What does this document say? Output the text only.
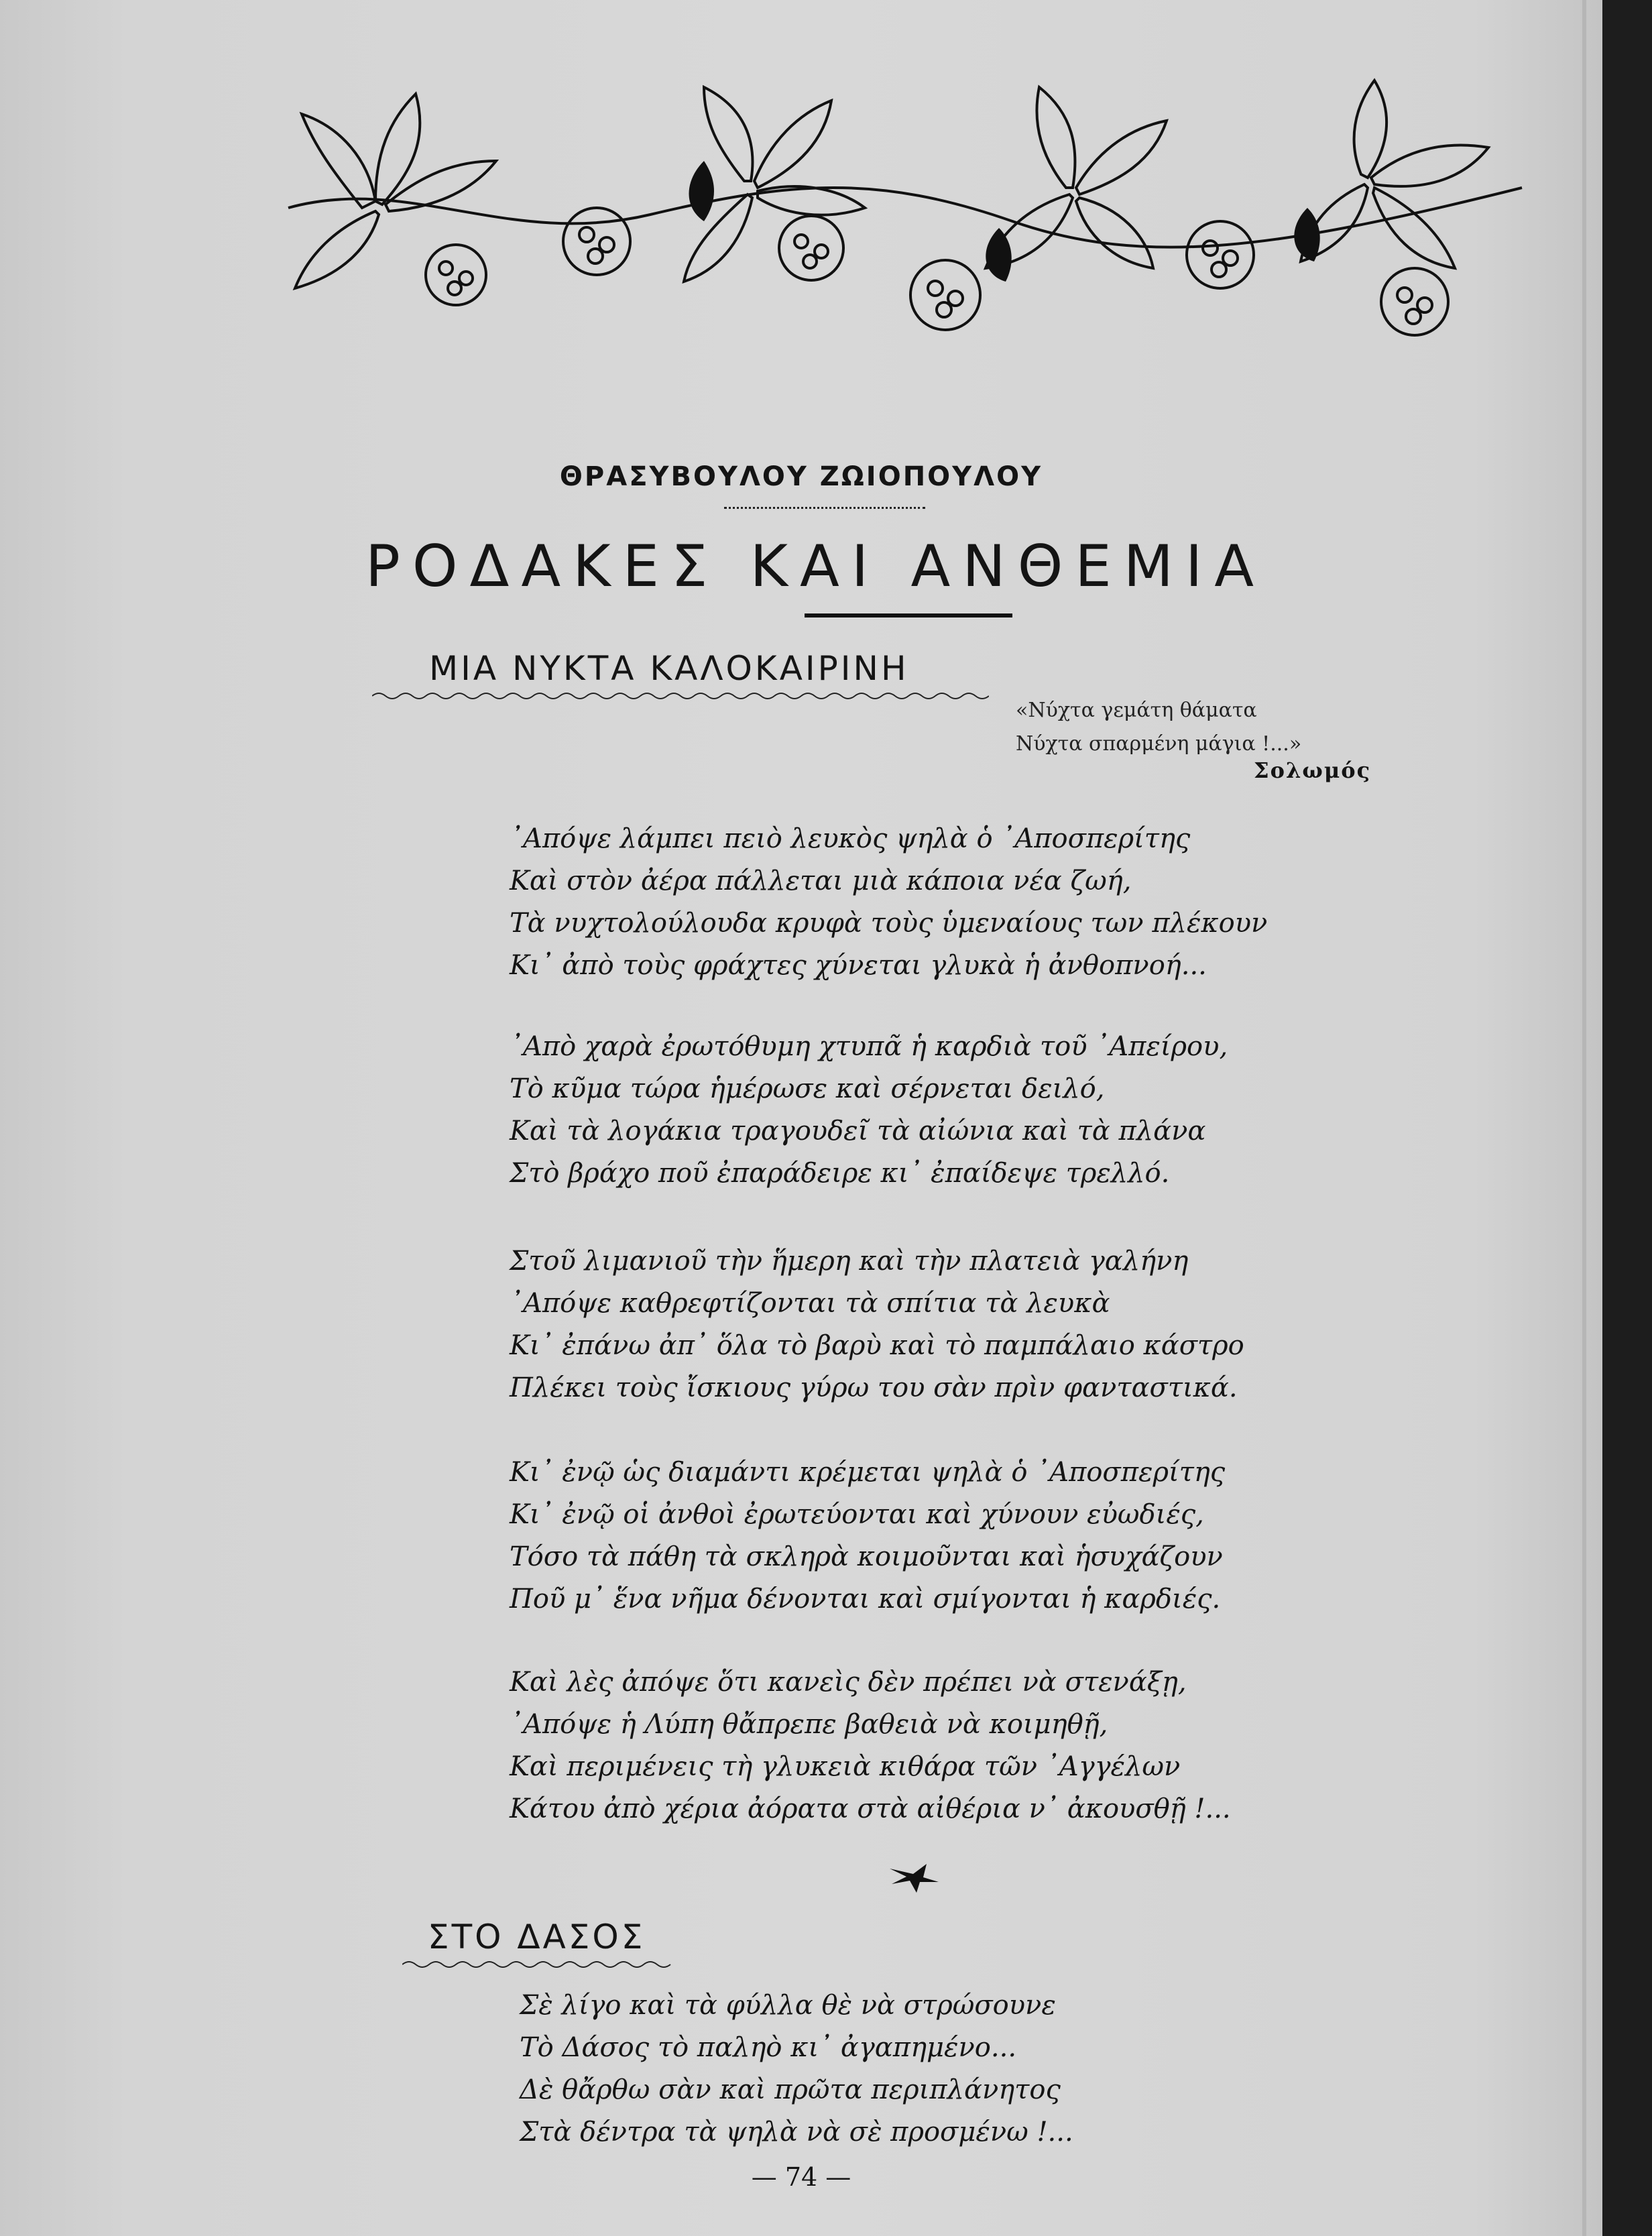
ΘΡΑΣΥΒΟΥΛΟΥ ΖΩΙΟΠΟΥΛΟΥ
ΡΟΔΑΚΕΣ ΚΑΙ ΑΝΘΕΜΙΑ
ΜΙΑ ΝΥΚΤΑ ΚΑΛΟΚΑΙΡΙΝΗ
«Νύχτα γεμάτη θάματα
Νύχτα σπαρμένη μάγια !...»
Σολωμός
᾽Απόψε λάμπει πειὸ λευκὸς ψηλὰ ὁ ᾽Αποσπερίτης
Καὶ στὸν ἀέρα πάλλεται μιὰ κάποια νέα ζωή,
Τὰ νυχτολούλουδα κρυφὰ τοὺς ὑμεναίους των πλέκουν
Κι᾽ ἀπὸ τοὺς φράχτες χύνεται γλυκὰ ἡ ἀνθοπνοή...
᾽Απὸ χαρὰ ἐρωτόθυμη χτυπᾶ ἡ καρδιὰ τοῦ ᾽Απείρου,
Τὸ κῦμα τώρα ἡμέρωσε καὶ σέρνεται δειλό,
Καὶ τὰ λογάκια τραγουδεῖ τὰ αἰώνια καὶ τὰ πλάνα
Στὸ βράχο ποῦ ἐπαράδειρε κι᾽ ἐπαίδεψε τρελλό.
Στοῦ λιμανιοῦ τὴν ἥμερη καὶ τὴν πλατειὰ γαλήνη
᾽Απόψε καθρεφτίζονται τὰ σπίτια τὰ λευκὰ
Κι᾽ ἐπάνω ἀπ᾽ ὅλα τὸ βαρὺ καὶ τὸ παμπάλαιο κάστρο
Πλέκει τοὺς ἴσκιους γύρω του σὰν πρὶν φανταστικά.
Κι᾽ ἐνῷ ὡς διαμάντι κρέμεται ψηλὰ ὁ ᾽Αποσπερίτης
Κι᾽ ἐνῷ οἱ ἀνθοὶ ἐρωτεύονται καὶ χύνουν εὐωδιές,
Τόσο τὰ πάθη τὰ σκληρὰ κοιμοῦνται καὶ ἡσυχάζουν
Ποῦ μ᾽ ἕνα νῆμα δένονται καὶ σμίγονται ἡ καρδιές.
Καὶ λὲς ἀπόψε ὅτι κανεὶς δὲν πρέπει νὰ στενάξῃ,
᾽Απόψε ἡ Λύπη θἄπρεπε βαθειὰ νὰ κοιμηθῇ,
Καὶ περιμένεις τὴ γλυκειὰ κιθάρα τῶν ᾽Αγγέλων
Κάτου ἀπὸ χέρια ἀόρατα στὰ αἰθέρια ν᾽ ἀκουσθῇ !...
ΣΤΟ ΔΑΣΟΣ
Σὲ λίγο καὶ τὰ φύλλα θὲ νὰ στρώσουνε
Τὸ Δάσος τὸ παληὸ κι᾽ ἀγαπημένο...
Δὲ θἄρθω σὰν καὶ πρῶτα περιπλάνητος
Στὰ δέντρα τὰ ψηλὰ νὰ σὲ προσμένω !...
— 74 —
